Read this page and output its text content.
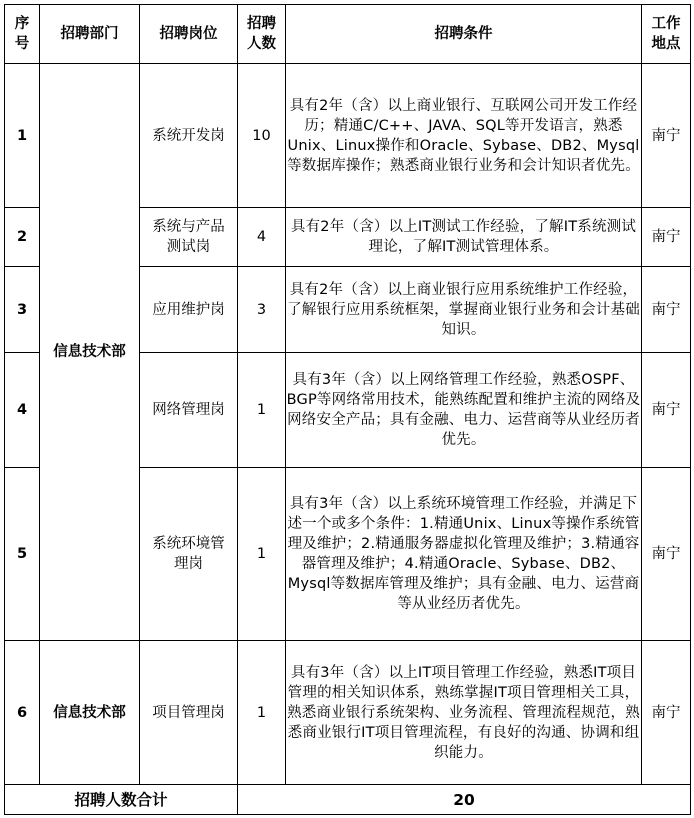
序号	招聘部门	招聘岗位	招聘人数	招聘条件	工作地点
1	信息技术部	系统开发岗	10	具有2年（含）以上商业银行、互联网公司开发工作经历；精通C/C++、JAVA、SQL等开发语言，熟悉Unix、Linux操作和Oracle、Sybase、DB2、Mysql等数据库操作；熟悉商业银行业务和会计知识者优先。	南宁
2		系统与产品测试岗	4	具有2年（含）以上IT测试工作经验，了解IT系统测试理论，了解IT测试管理体系。	南宁
3		应用维护岗	3	具有2年（含）以上商业银行应用系统维护工作经验，了解银行应用系统框架，掌握商业银行业务和会计基础知识。	南宁
4		网络管理岗	1	具有3年（含）以上网络管理工作经验，熟悉OSPF、BGP等网络常用技术，能熟练配置和维护主流的网络及网络安全产品；具有金融、电力、运营商等从业经历者优先。	南宁
5		系统环境管理岗	1	具有3年（含）以上系统环境管理工作经验，并满足下述一个或多个条件：1.精通Unix、Linux等操作系统管理及维护；2.精通服务器虚拟化管理及维护；3.精通容器管理及维护；4.精通Oracle、Sybase、DB2、Mysql等数据库管理及维护；具有金融、电力、运营商等从业经历者优先。	南宁
6	信息技术部	项目管理岗	1	具有3年（含）以上IT项目管理工作经验，熟悉IT项目管理的相关知识体系，熟练掌握IT项目管理相关工具，熟悉商业银行系统架构、业务流程、管理流程规范，熟悉商业银行IT项目管理流程，有良好的沟通、协调和组织能力。	南宁
招聘人数合计			20		
